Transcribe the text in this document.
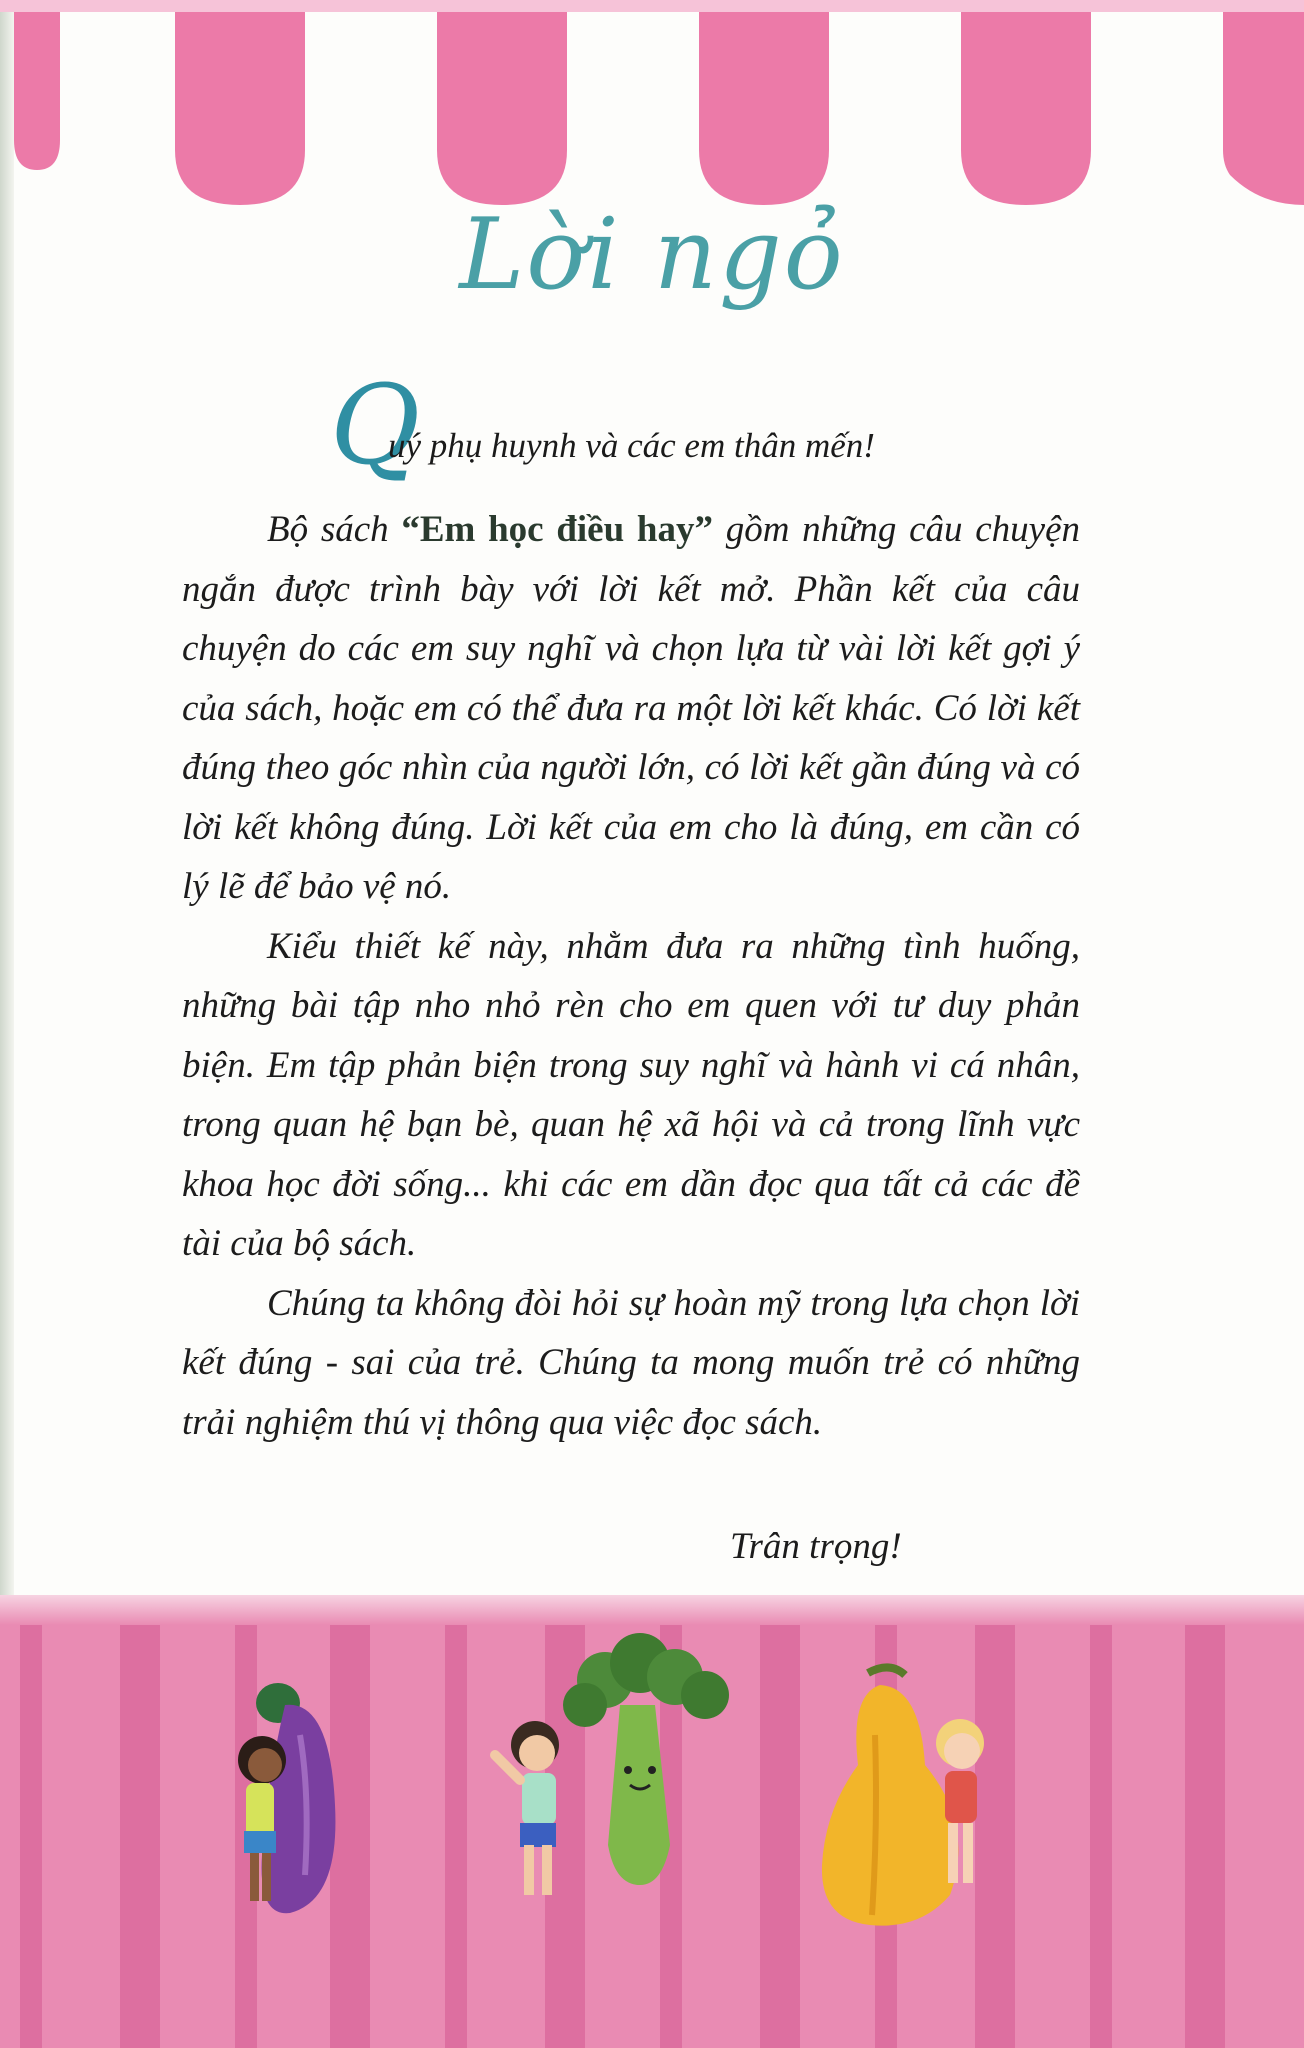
Lời ngỏ
Q
uý phụ huynh và các em thân mến!

Bộ sách “Em học điều hay” gồm những câu chuyện ngắn được trình bày với lời kết mở. Phần kết của câu chuyện do các em suy nghĩ và chọn lựa từ vài lời kết gợi ý của sách, hoặc em có thể đưa ra một lời kết khác. Có lời kết đúng theo góc nhìn của người lớn, có lời kết gần đúng và có lời kết không đúng. Lời kết của em cho là đúng, em cần có lý lẽ để bảo vệ nó.

Kiểu thiết kế này, nhằm đưa ra những tình huống, những bài tập nho nhỏ rèn cho em quen với tư duy phản biện. Em tập phản biện trong suy nghĩ và hành vi cá nhân, trong quan hệ bạn bè, quan hệ xã hội và cả trong lĩnh vực khoa học đời sống... khi các em dần đọc qua tất cả các đề tài của bộ sách.

Chúng ta không đòi hỏi sự hoàn mỹ trong lựa chọn lời kết đúng - sai của trẻ. Chúng ta mong muốn trẻ có những trải nghiệm thú vị thông qua việc đọc sách.

Trân trọng!
